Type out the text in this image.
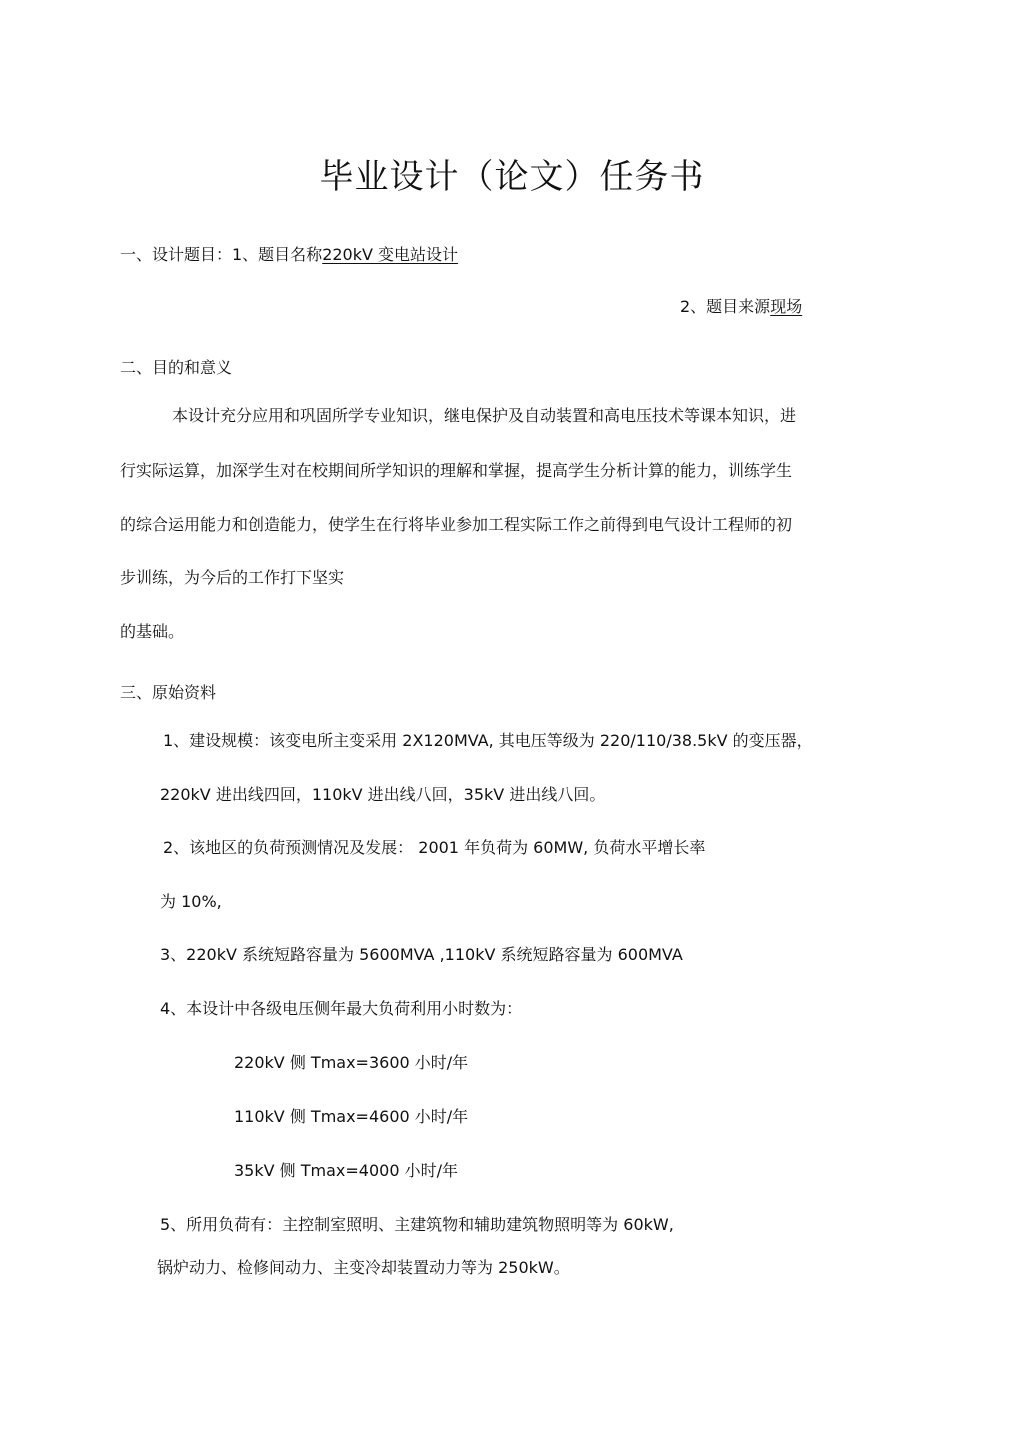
毕业设计（论文）任务书
一、设计题目：1、题目名称220kV 变电站设计
2、题目来源现场
二、目的和意义
本设计充分应用和巩固所学专业知识，继电保护及自动装置和高电压技术等课本知识，进
行实际运算，加深学生对在校期间所学知识的理解和掌握，提高学生分析计算的能力，训练学生
的综合运用能力和创造能力，使学生在行将毕业参加工程实际工作之前得到电气设计工程师的初
步训练，为今后的工作打下坚实
的基础。
三、原始资料
1、建设规模：该变电所主变采用 2X120MVA, 其电压等级为 220/110/38.5kV 的变压器，
220kV 进出线四回，110kV 进出线八回，35kV 进出线八回。
2、该地区的负荷预测情况及发展： 2001 年负荷为 60MW, 负荷水平增长率
为 10%,
3、220kV 系统短路容量为 5600MVA ,110kV 系统短路容量为 600MVA
4、本设计中各级电压侧年最大负荷利用小时数为：
220kV 侧 Tmax=3600 小时/年
110kV 侧 Tmax=4600 小时/年
35kV 侧 Tmax=4000 小时/年
5、所用负荷有：主控制室照明、主建筑物和辅助建筑物照明等为 60kW,
锅炉动力、检修间动力、主变冷却装置动力等为 250kW。
